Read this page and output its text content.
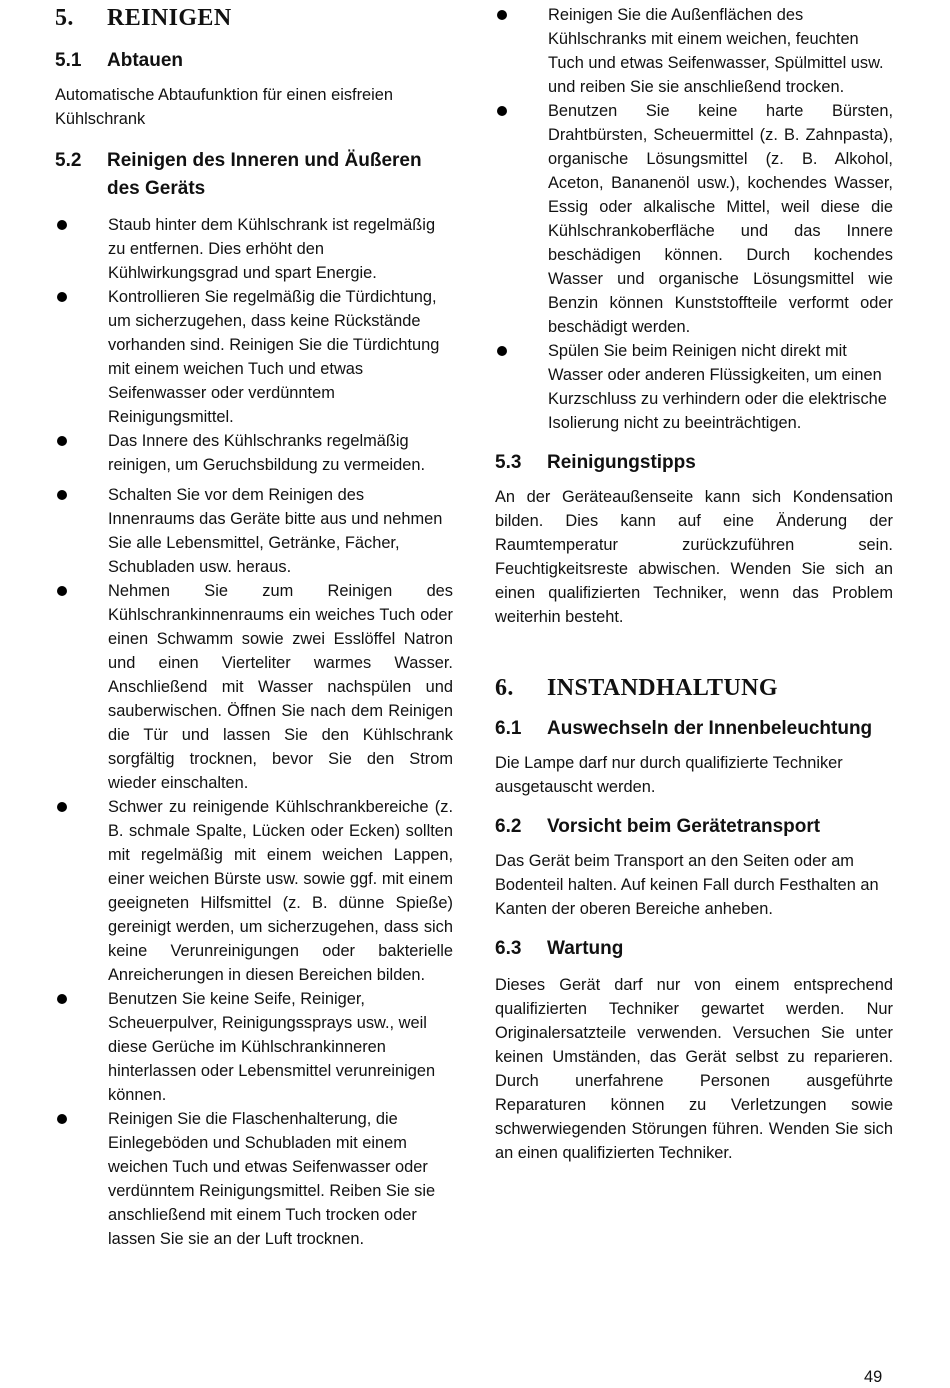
5. REINIGEN
5.1 Abtauen

Automatische Abtaufunktion für einen eisfreien Kühlschrank

5.2 Reinigen des Inneren und Äußeren des Geräts

Staub hinter dem Kühlschrank ist regelmäßig zu entfernen. Dies erhöht den Kühlwirkungsgrad und spart Energie.

Kontrollieren Sie regelmäßig die Türdichtung, um sicherzugehen, dass keine Rückstände vorhanden sind. Reinigen Sie die Türdichtung mit einem weichen Tuch und etwas Seifenwasser oder verdünntem Reinigungsmittel.

Das Innere des Kühlschranks regelmäßig reinigen, um Geruchsbildung zu vermeiden.

Schalten Sie vor dem Reinigen des Innenraums das Geräte bitte aus und nehmen Sie alle Lebensmittel, Getränke, Fächer, Schubladen usw. heraus.

Nehmen Sie zum Reinigen des Kühlschrankinnenraums ein weiches Tuch oder einen Schwamm sowie zwei Esslöffel Natron und einen Vierteliter warmes Wasser. Anschließend mit Wasser nachspülen und sauberwischen. Öffnen Sie nach dem Reinigen die Tür und lassen Sie den Kühlschrank sorgfältig trocknen, bevor Sie den Strom wieder einschalten.

Schwer zu reinigende Kühlschrankbereiche (z. B. schmale Spalte, Lücken oder Ecken) sollten mit regelmäßig mit einem weichen Lappen, einer weichen Bürste usw. sowie ggf. mit einem geeigneten Hilfsmittel (z. B. dünne Spieße) gereinigt werden, um sicherzugehen, dass sich keine Verunreinigungen oder bakterielle Anreicherungen in diesen Bereichen bilden.

Benutzen Sie keine Seife, Reiniger, Scheuerpulver, Reinigungssprays usw., weil diese Gerüche im Kühlschrankinneren hinterlassen oder Lebensmittel verunreinigen können.

Reinigen Sie die Flaschenhalterung, die Einlegeböden und Schubladen mit einem weichen Tuch und etwas Seifenwasser oder verdünntem Reinigungsmittel. Reiben Sie sie anschließend mit einem Tuch trocken oder lassen Sie sie an der Luft trocknen.

Reinigen Sie die Außenflächen des Kühlschranks mit einem weichen, feuchten Tuch und etwas Seifenwasser, Spülmittel usw. und reiben Sie sie anschließend trocken.

Benutzen Sie keine harte Bürsten, Drahtbürsten, Scheuermittel (z. B. Zahnpasta), organische Lösungsmittel (z. B. Alkohol, Aceton, Bananenöl usw.), kochendes Wasser, Essig oder alkalische Mittel, weil diese die Kühlschrankoberfläche und das Innere beschädigen können. Durch kochendes Wasser und organische Lösungsmittel wie Benzin können Kunststoffteile verformt oder beschädigt werden.

Spülen Sie beim Reinigen nicht direkt mit Wasser oder anderen Flüssigkeiten, um einen Kurzschluss zu verhindern oder die elektrische Isolierung nicht zu beeinträchtigen.

5.3 Reinigungstipps

An der Geräteaußenseite kann sich Kondensation bilden. Dies kann auf eine Änderung der Raumtemperatur zurückzuführen sein. Feuchtigkeitsreste abwischen. Wenden Sie sich an einen qualifizierten Techniker, wenn das Problem weiterhin besteht.

6. INSTANDHALTUNG
6.1 Auswechseln der Innenbeleuchtung

Die Lampe darf nur durch qualifizierte Techniker ausgetauscht werden.

6.2 Vorsicht beim Gerätetransport

Das Gerät beim Transport an den Seiten oder am Bodenteil halten. Auf keinen Fall durch Festhalten an Kanten der oberen Bereiche anheben.

6.3 Wartung

Dieses Gerät darf nur von einem entsprechend qualifizierten Techniker gewartet werden. Nur Originalersatzteile verwenden. Versuchen Sie unter keinen Umständen, das Gerät selbst zu reparieren. Durch unerfahrene Personen ausgeführte Reparaturen können zu Verletzungen sowie schwerwiegenden Störungen führen. Wenden Sie sich an einen qualifizierten Techniker.

49
